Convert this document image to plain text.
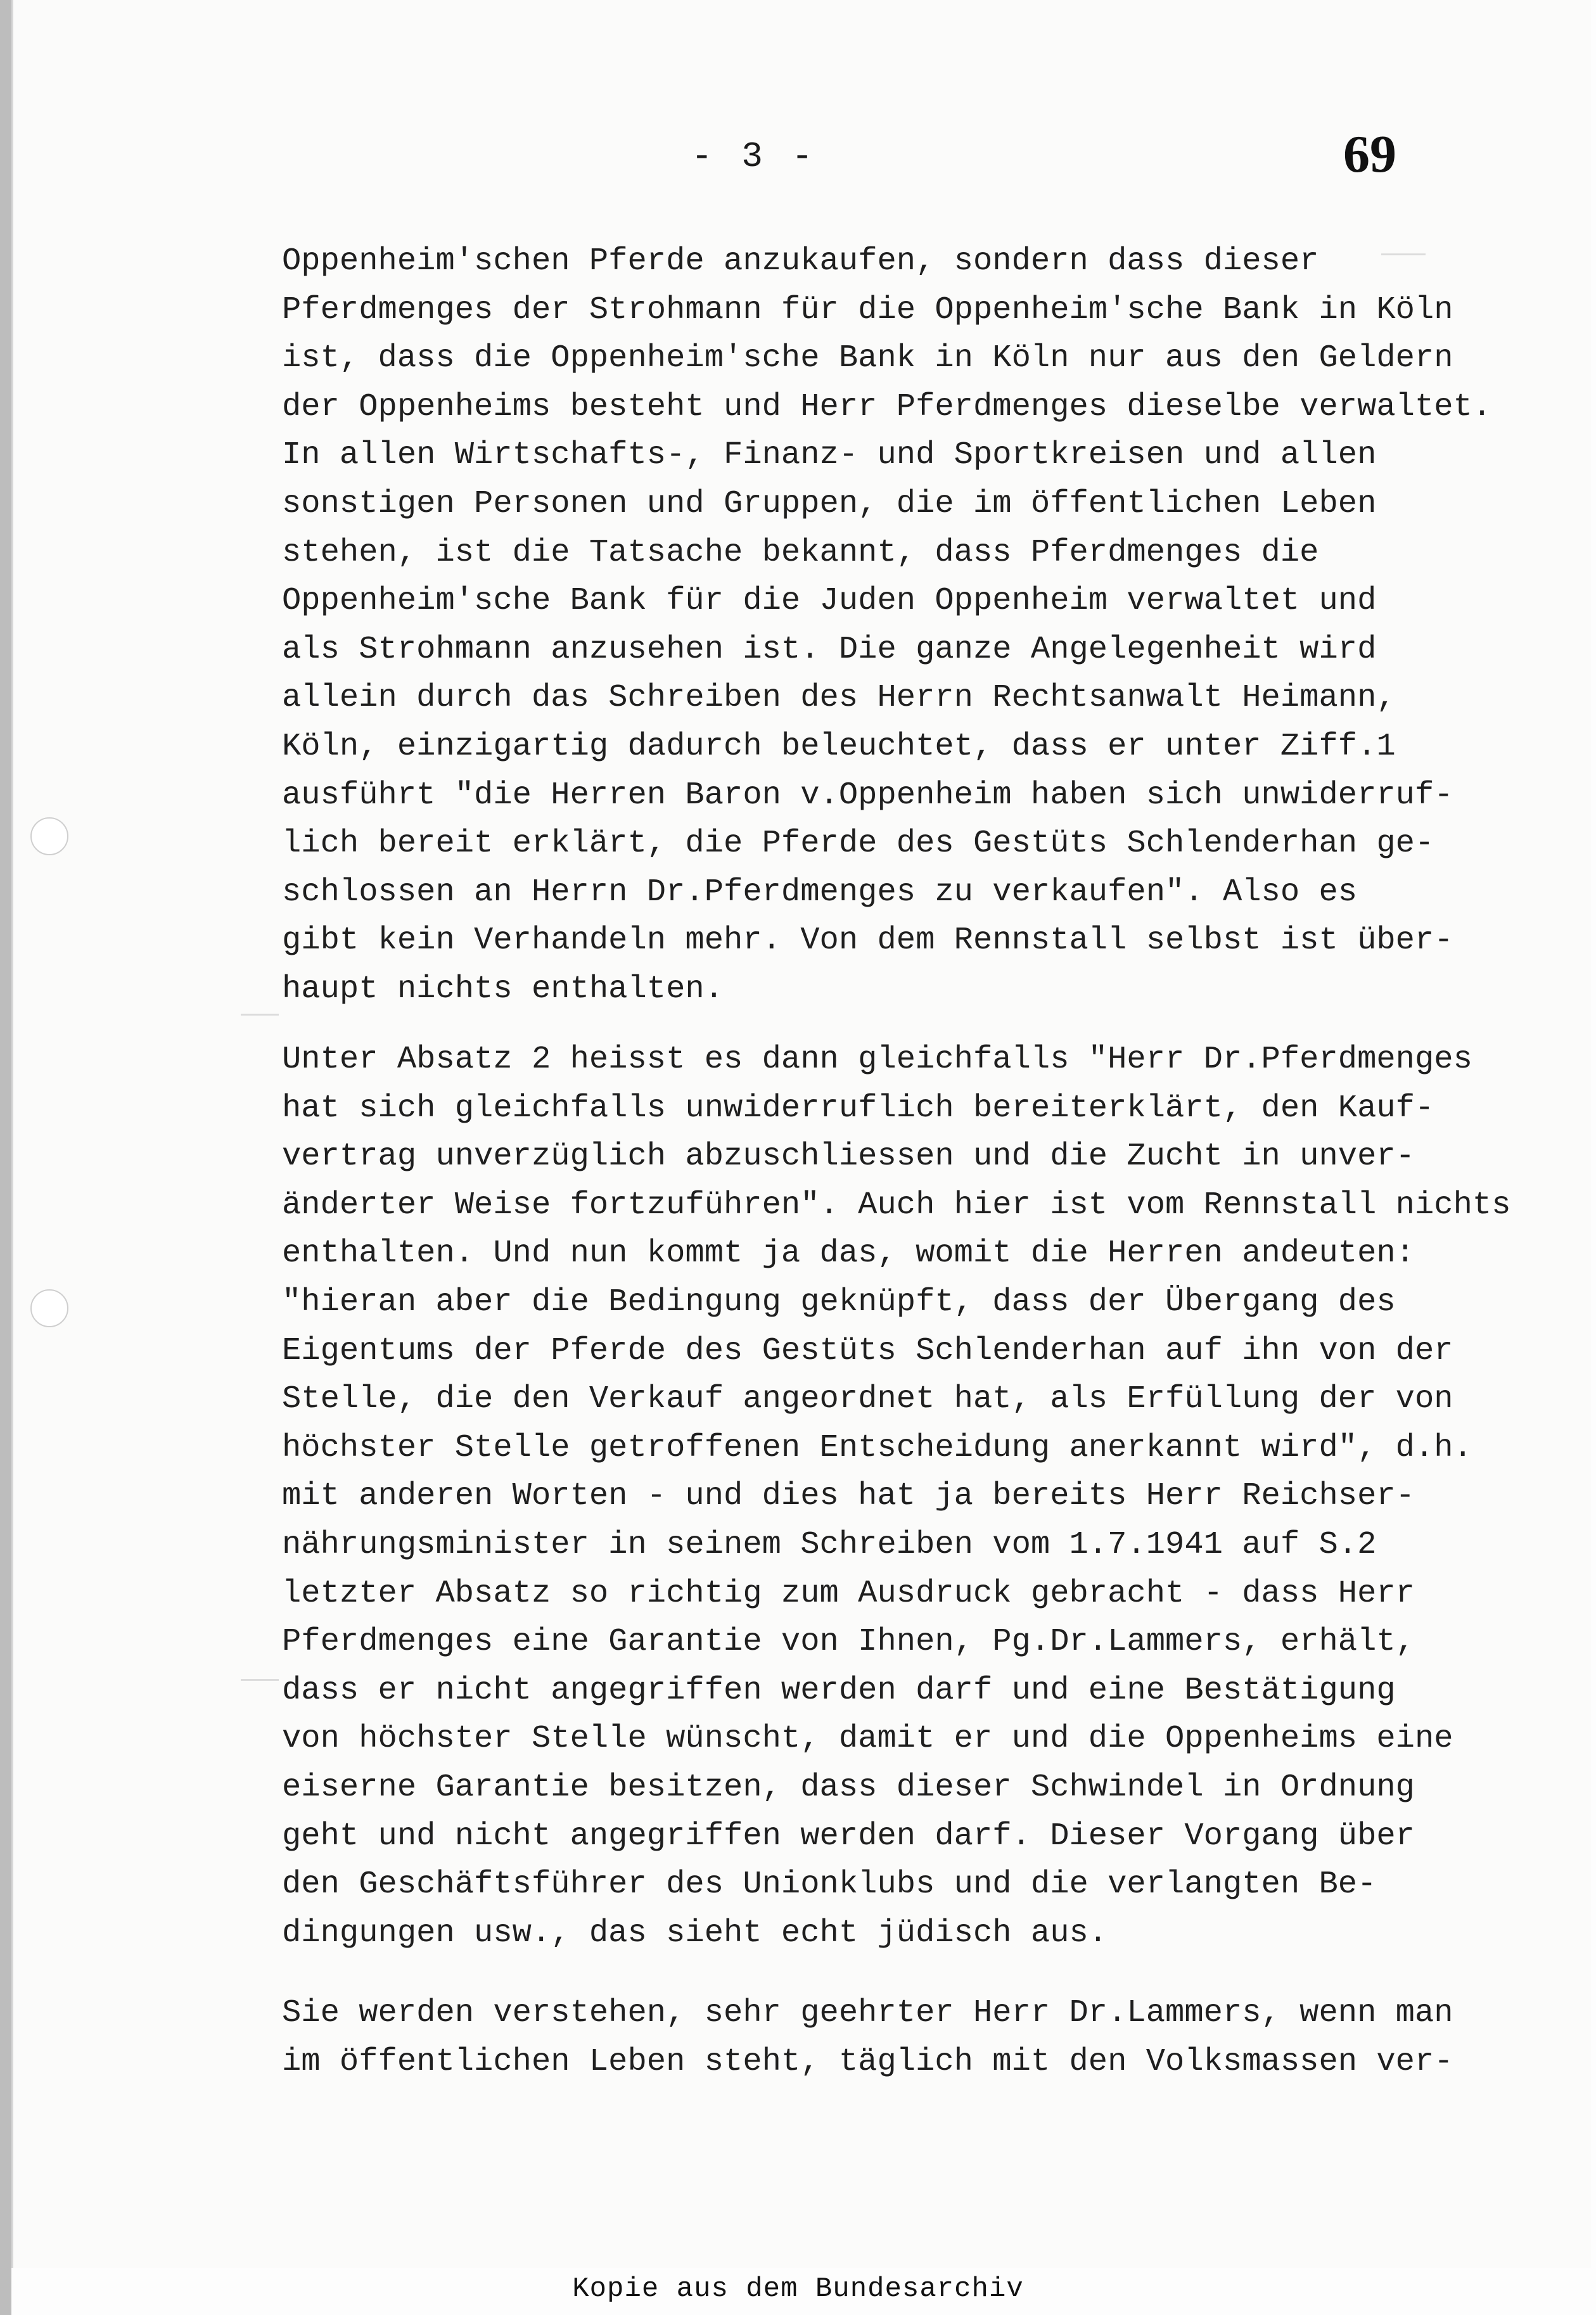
- 3 -	69
Oppenheim'schen Pferde anzukaufen, sondern dass dieser
Pferdmenges der Strohmann für die Oppenheim'sche Bank in Köln
ist, dass die Oppenheim'sche Bank in Köln nur aus den Geldern
der Oppenheims besteht und Herr Pferdmenges dieselbe verwaltet.
In allen Wirtschafts-, Finanz- und Sportkreisen und allen
sonstigen Personen und Gruppen, die im öffentlichen Leben
stehen, ist die Tatsache bekannt, dass Pferdmenges die
Oppenheim'sche Bank für die Juden Oppenheim verwaltet und
als Strohmann anzusehen ist. Die ganze Angelegenheit wird
allein durch das Schreiben des Herrn Rechtsanwalt Heimann,
Köln, einzigartig dadurch beleuchtet, dass er unter Ziff.1
ausführt "die Herren Baron v.Oppenheim haben sich unwiderruf-
lich bereit erklärt, die Pferde des Gestüts Schlenderhan ge-
schlossen an Herrn Dr.Pferdmenges zu verkaufen". Also es
gibt kein Verhandeln mehr. Von dem Rennstall selbst ist über-
haupt nichts enthalten.
Unter Absatz 2 heisst es dann gleichfalls "Herr Dr.Pferdmenges
hat sich gleichfalls unwiderruflich bereiterklärt, den Kauf-
vertrag unverzüglich abzuschliessen und die Zucht in unver-
änderter Weise fortzuführen". Auch hier ist vom Rennstall nichts
enthalten. Und nun kommt ja das, womit die Herren andeuten:
"hieran aber die Bedingung geknüpft, dass der Übergang des
Eigentums der Pferde des Gestüts Schlenderhan auf ihn von der
Stelle, die den Verkauf angeordnet hat, als Erfüllung der von
höchster Stelle getroffenen Entscheidung anerkannt wird", d.h.
mit anderen Worten - und dies hat ja bereits Herr Reichser-
nährungsminister in seinem Schreiben vom 1.7.1941 auf S.2
letzter Absatz so richtig zum Ausdruck gebracht - dass Herr
Pferdmenges eine Garantie von Ihnen, Pg.Dr.Lammers, erhält,
dass er nicht angegriffen werden darf und eine Bestätigung
von höchster Stelle wünscht, damit er und die Oppenheims eine
eiserne Garantie besitzen, dass dieser Schwindel in Ordnung
geht und nicht angegriffen werden darf. Dieser Vorgang über
den Geschäftsführer des Unionklubs und die verlangten Be-
dingungen usw., das sieht echt jüdisch aus.
Sie werden verstehen, sehr geehrter Herr Dr.Lammers, wenn man
im öffentlichen Leben steht, täglich mit den Volksmassen ver-
Kopie aus dem Bundesarchiv
